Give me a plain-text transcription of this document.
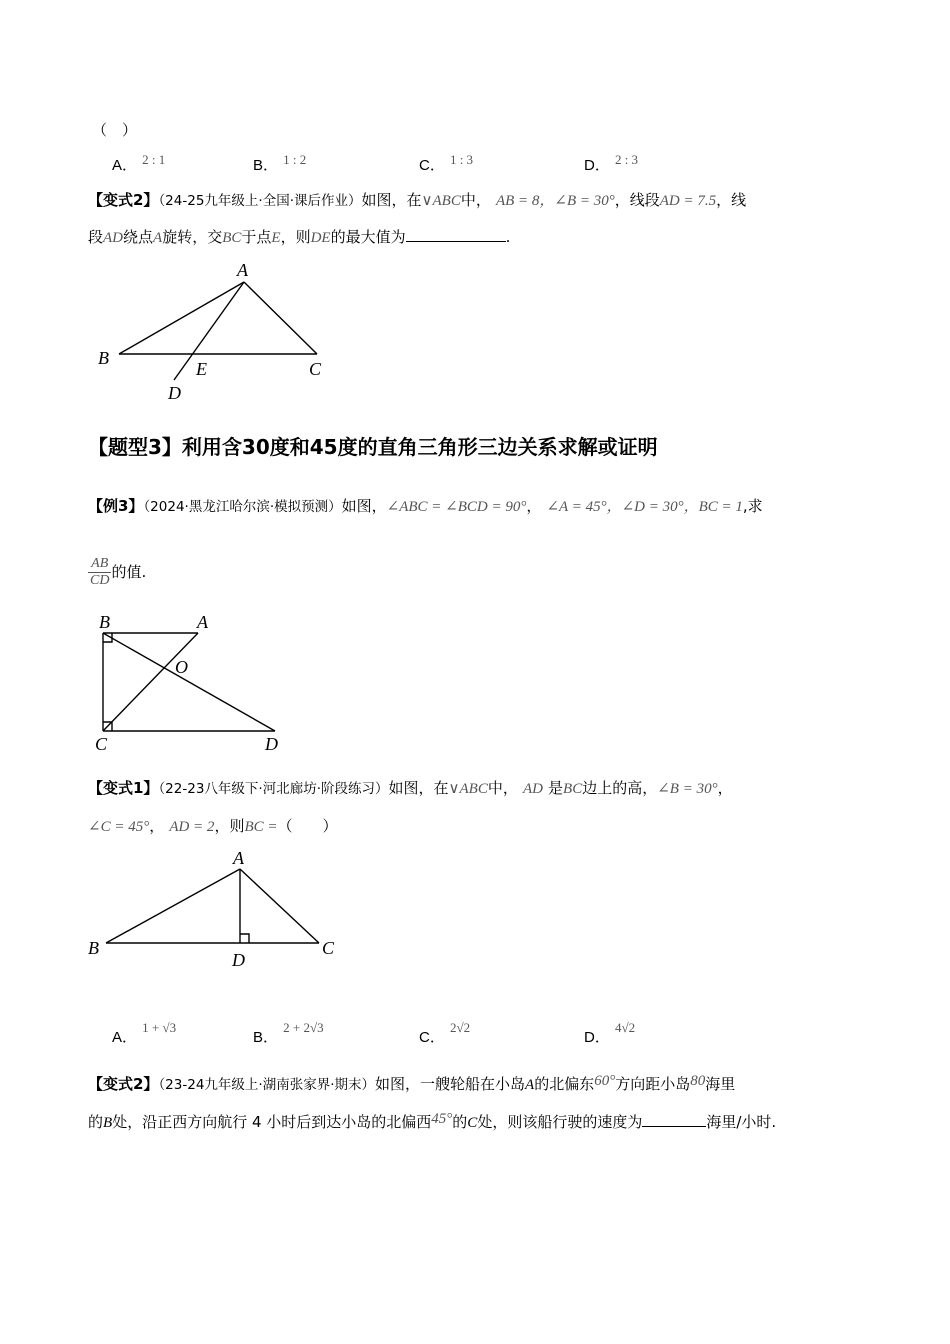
（　）
A． $^{2 : 1}$	B． $^{1 : 2}$	C． $^{1 : 3}$	D． $^{2 : 3}$
【变式2】（24-25九年级上·全国·课后作业）如图，在∨ABC中， AB = 8，∠B = 30°，线段AD = 7.5，线
段AD绕点A旋转，交BC于点E，则DE的最大值为	.
A
B
C
E
D
【题型3】利用含30度和45度的直角三角形三边关系求解或证明
【例3】（2024·黑龙江哈尔滨·模拟预测）如图，∠ABC = ∠BCD = 90°， ∠A = 45°，∠D = 30°，BC = 1,求
$\frac{AB}{CD}$ 的值.
B	A
O
C	D
【变式1】（22-23八年级下·河北廊坊·阶段练习）如图，在∨ABC中， AD 是BC边上的高，∠B = 30°，
∠C = 45°， AD = 2，则BC =（　　）
A
B	C
D
A． $^{1 + √3}$
B． $^{2 + 2√3}$
C． $^{2√2}$
D． $^{4√2}$
【变式2】（23-24九年级上·湖南张家界·期末）如图，一艘轮船在小岛A的北偏东60°方向距小岛80海里
的B处，沿正西方向航行 4 小时后到达小岛的北偏西45°的C处，则该船行驶的速度为	海里/小时.
